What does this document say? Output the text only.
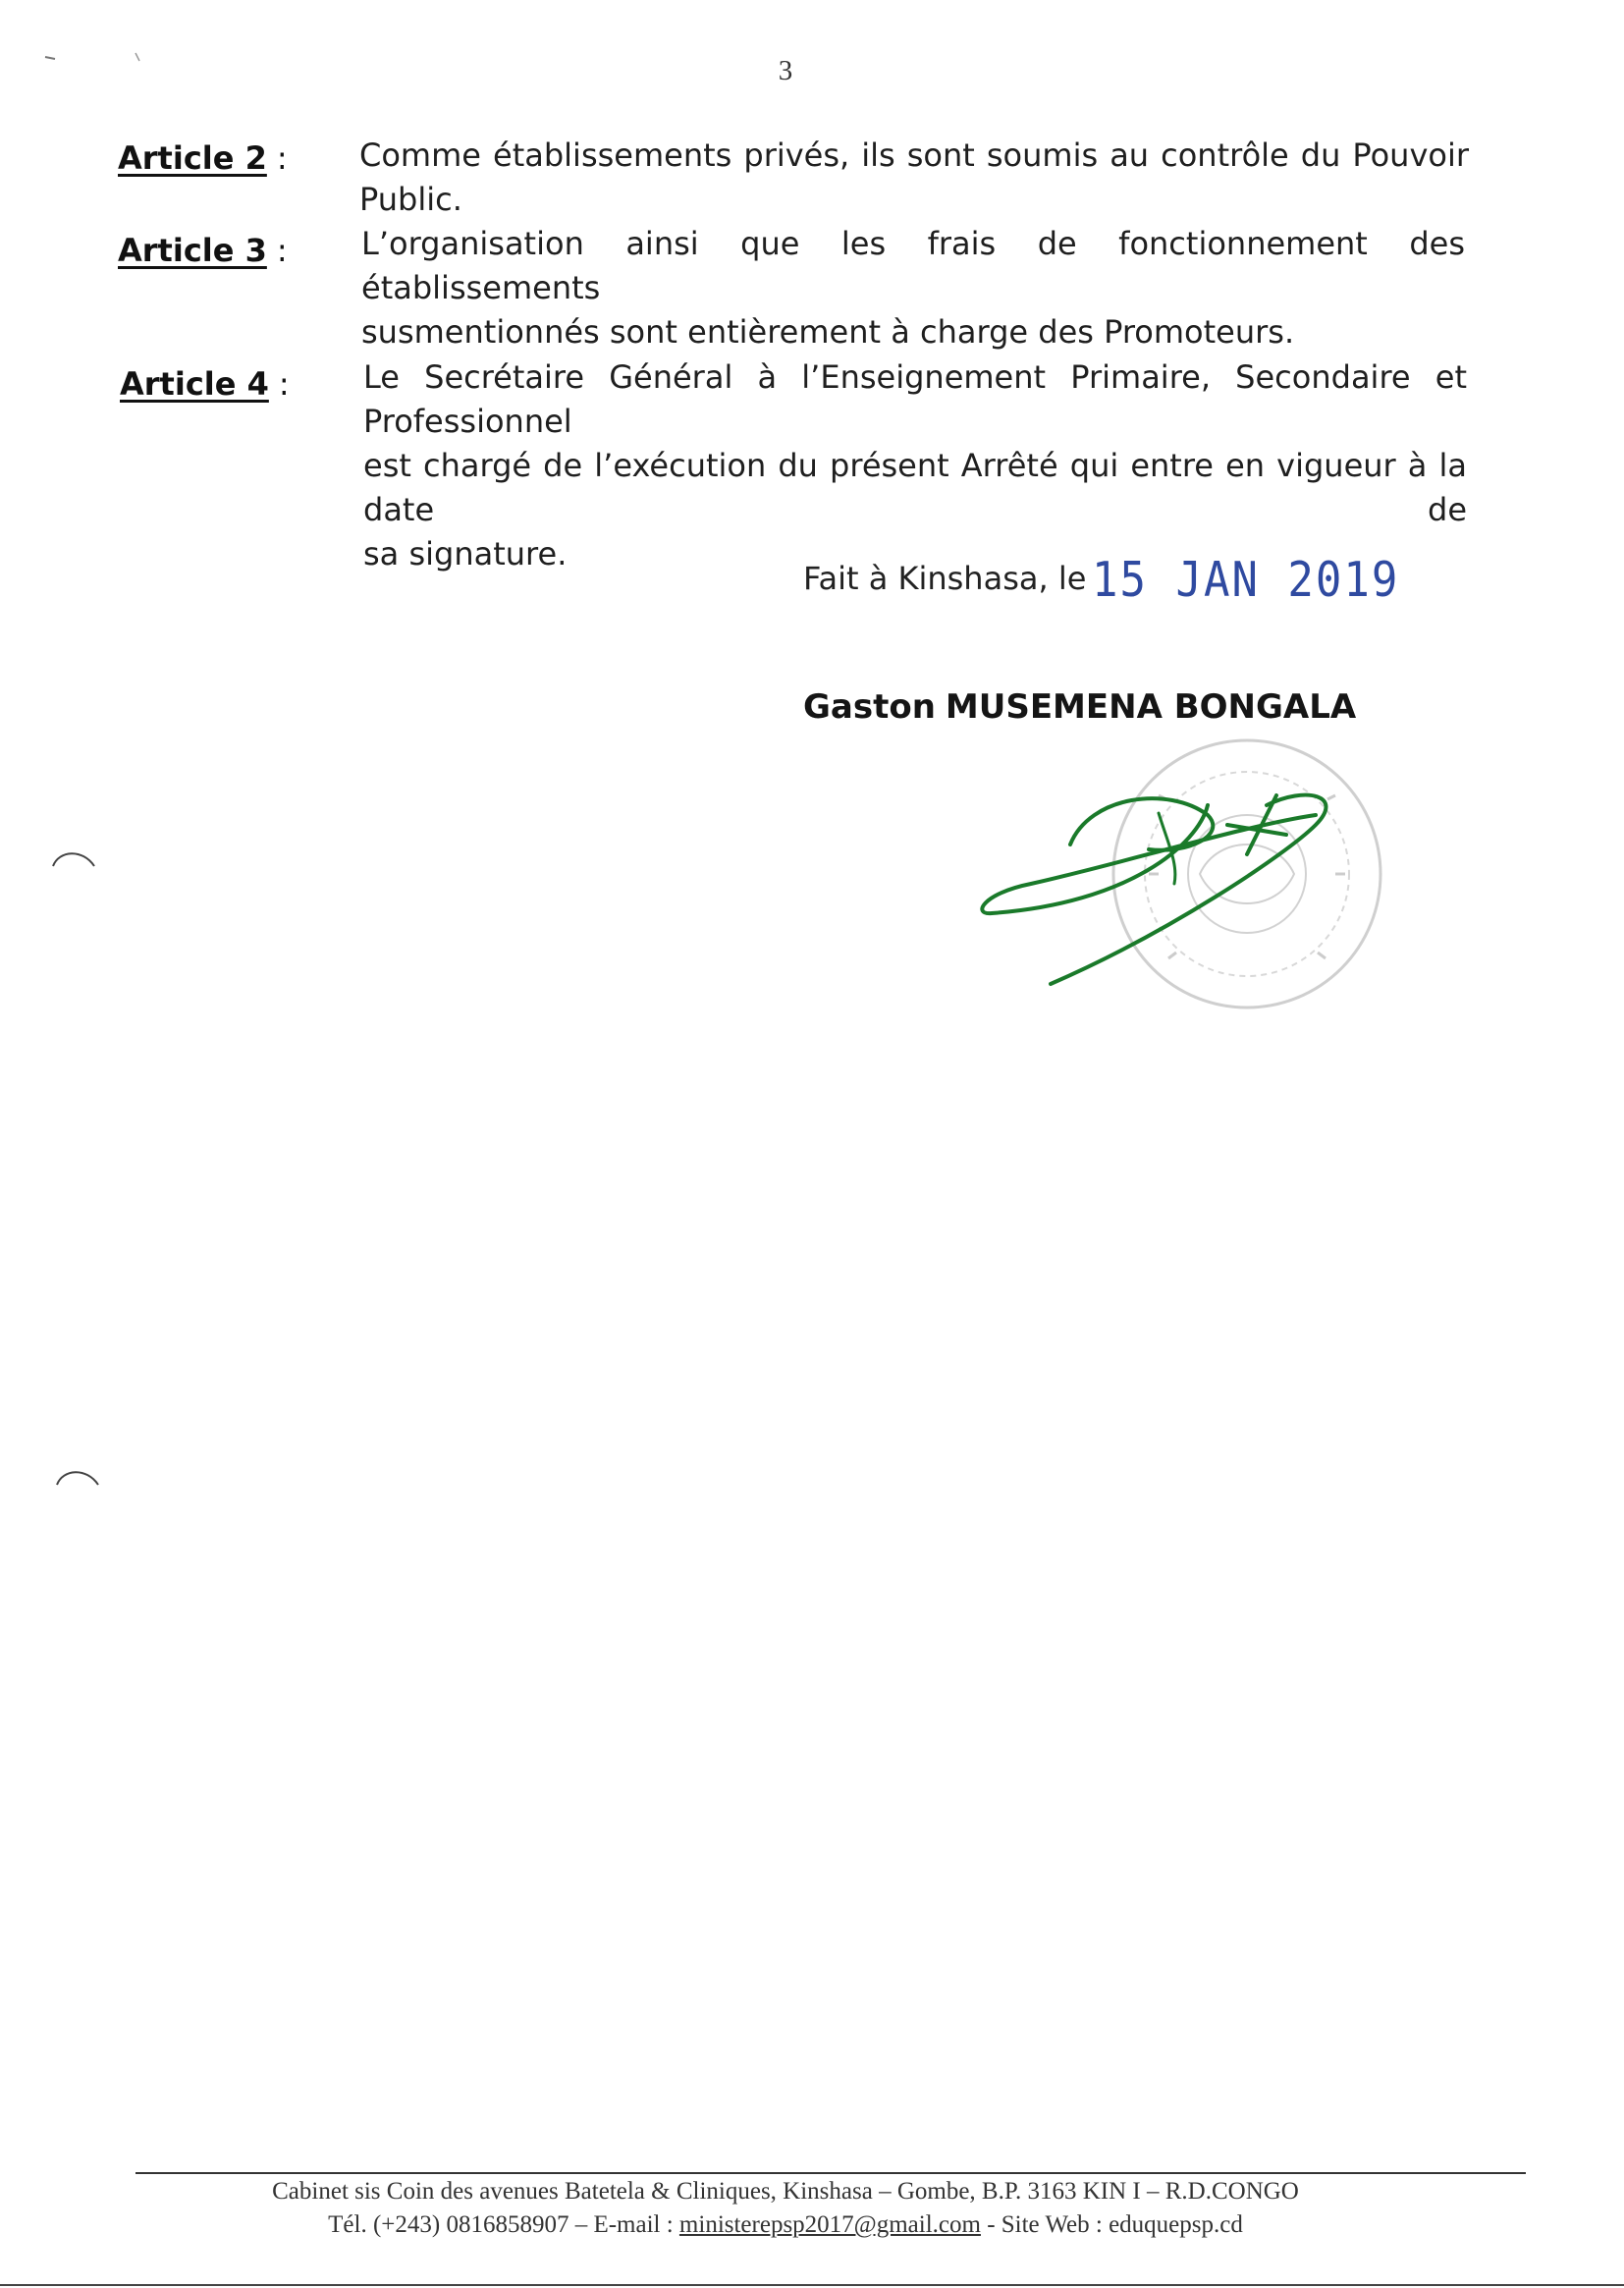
3
Article 2 : Comme établissements privés, ils sont soumis au contrôle du Pouvoir Public.
Article 3 : L’organisation ainsi que les frais de fonctionnement des établissements
susmentionnés sont entièrement à charge des Promoteurs.
Article 4 : Le Secrétaire Général à l’Enseignement Primaire, Secondaire et Professionnel
est chargé de l’exécution du présent Arrêté qui entre en vigueur à la date de
sa signature.
Fait à Kinshasa, le 15 JAN 2019
Gaston MUSEMENA BONGALA
Cabinet sis Coin des avenues Batetela & Cliniques, Kinshasa – Gombe, B.P. 3163 KIN I – R.D.CONGO
Tél. (+243) 0816858907 – E-mail : ministerepsp2017@gmail.com - Site Web : eduquepsp.cd
